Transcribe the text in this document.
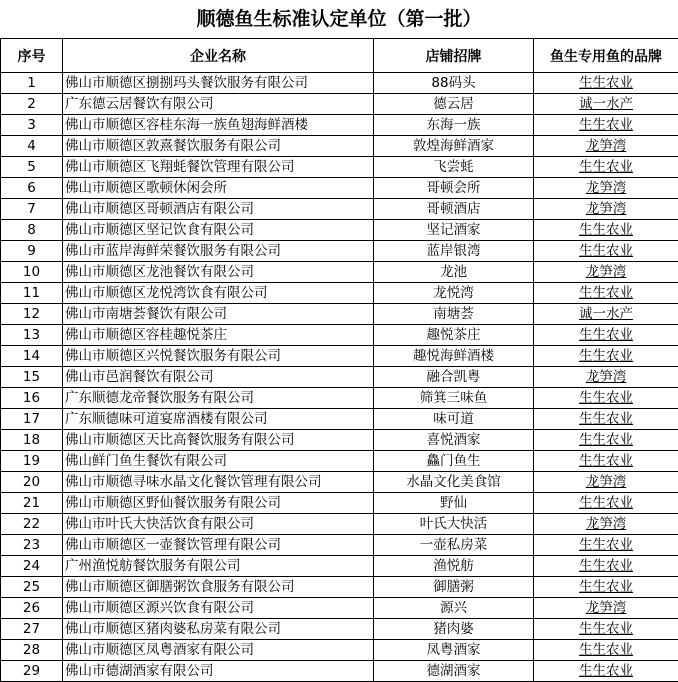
顺德鱼生标准认定单位（第一批）
序号	企业名称	店铺招牌	鱼生专用鱼的品牌
1	佛山市顺德区捌捌玛头餐饮服务有限公司	88码头	生生农业
2	广东德云居餐饮有限公司	德云居	诚一水产
3	佛山市顺德区容桂东海一族鱼翅海鲜酒楼	东海一族	生生农业
4	佛山市顺德区敦熹餐饮服务有限公司	敦煌海鲜酒家	龙笋湾
5	佛山市顺德区飞翔蚝餐饮管理有限公司	飞尝蚝	生生农业
6	佛山市顺德区歌顿休闲会所	哥顿会所	龙笋湾
7	佛山市顺德区哥顿酒店有限公司	哥顿酒店	龙笋湾
8	佛山市顺德区坚记饮食有限公司	坚记酒家	生生农业
9	佛山市蓝岸海鲜荣餐饮服务有限公司	蓝岸银湾	生生农业
10	佛山市顺德区龙池餐饮有限公司	龙池	龙笋湾
11	佛山市顺德区龙悦湾饮食有限公司	龙悦湾	生生农业
12	佛山市南塘荟餐饮有限公司	南塘荟	诚一水产
13	佛山市顺德区容桂趣悦茶庄	趣悦茶庄	生生农业
14	佛山市顺德区兴悦餐饮服务有限公司	趣悦海鲜酒楼	生生农业
15	佛山市邑润餐饮有限公司	融合凯粤	龙笋湾
16	广东顺德龙帝餐饮服务有限公司	筛箕三味鱼	生生农业
17	广东顺德味可道宴席酒楼有限公司	味可道	生生农业
18	佛山市顺德区天比高餐饮服务有限公司	喜悦酒家	生生农业
19	佛山鲜门鱼生餐饮有限公司	鱻门鱼生	生生农业
20	佛山市顺德寻味水晶文化餐饮管理有限公司	水晶文化美食馆	龙笋湾
21	佛山市顺德区野仙餐饮服务有限公司	野仙	生生农业
22	佛山市叶氏大快活饮食有限公司	叶氏大快活	龙笋湾
23	佛山市顺德区一壶餐饮管理有限公司	一壶私房菜	生生农业
24	广州渔悦舫餐饮服务有限公司	渔悦舫	生生农业
25	佛山市顺德区御膳粥饮食服务有限公司	御膳粥	生生农业
26	佛山市顺德区源兴饮食有限公司	源兴	龙笋湾
27	佛山市顺德区猪肉婆私房菜有限公司	猪肉婆	生生农业
28	佛山市顺德区凤粤酒家有限公司	凤粤酒家	生生农业
29	佛山市德湖酒家有限公司	德湖酒家	生生农业
